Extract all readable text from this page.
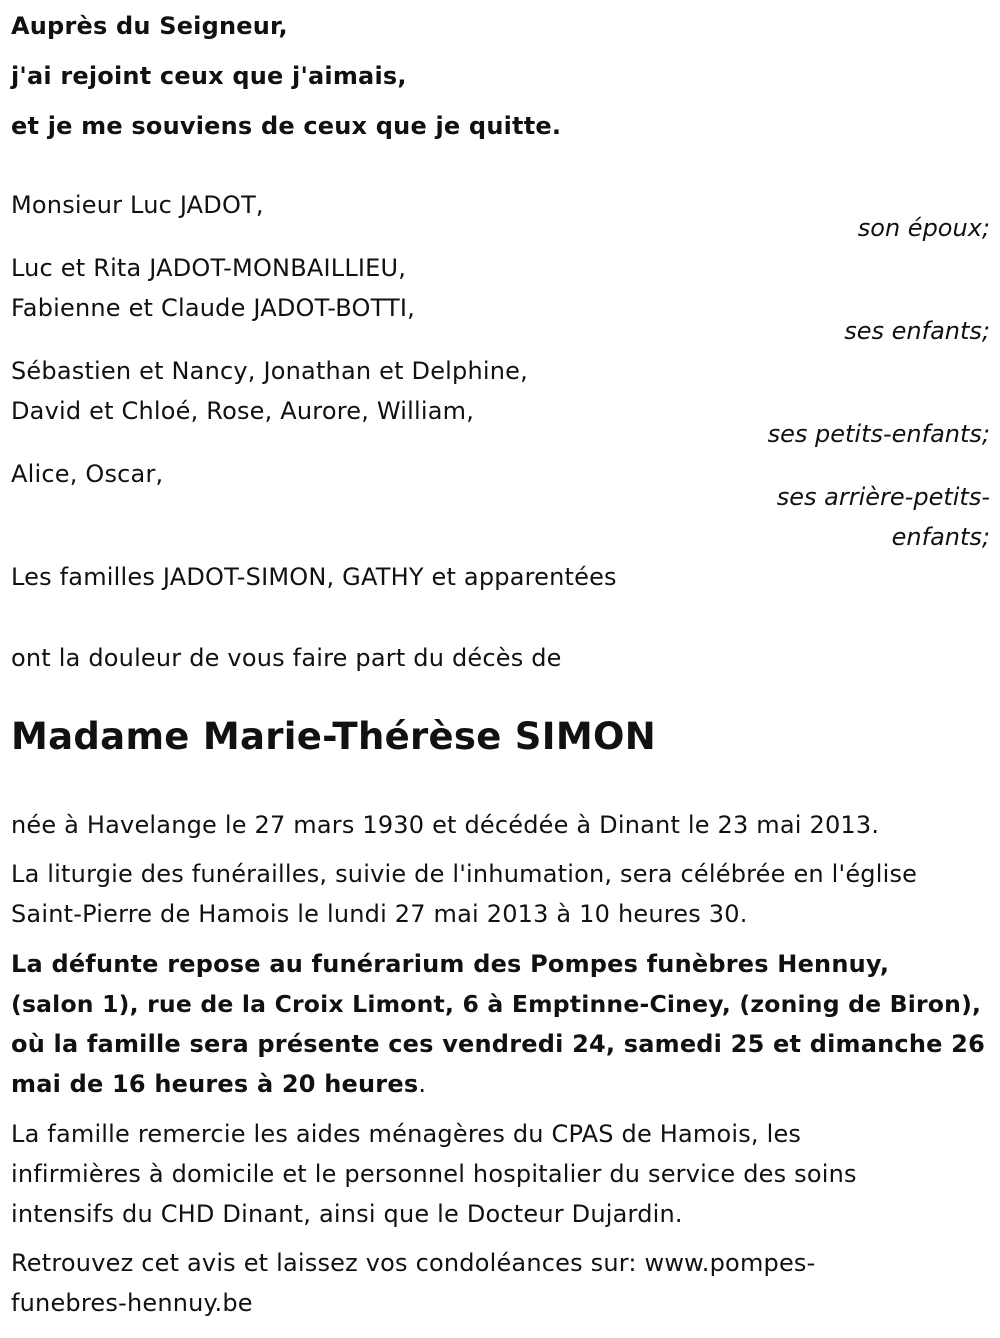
Auprès du Seigneur,
j'ai rejoint ceux que j'aimais,
et je me souviens de ceux que je quitte.
Monsieur Luc JADOT,
son époux;
Luc et Rita JADOT-MONBAILLIEU,
Fabienne et Claude JADOT-BOTTI,
ses enfants;
Sébastien et Nancy, Jonathan et Delphine,
David et Chloé, Rose, Aurore, William,
ses petits-enfants;
Alice, Oscar,
ses arrière-petits-
enfants;
Les familles JADOT-SIMON, GATHY et apparentées
ont la douleur de vous faire part du décès de
Madame Marie-Thérèse SIMON
née à Havelange le 27 mars 1930 et décédée à Dinant le 23 mai 2013.
La liturgie des funérailles, suivie de l'inhumation, sera célébrée en l'église
Saint-Pierre de Hamois le lundi 27 mai 2013 à 10 heures 30.
La défunte repose au funérarium des Pompes funèbres Hennuy,
(salon 1), rue de la Croix Limont, 6 à Emptinne-Ciney, (zoning de Biron),
où la famille sera présente ces vendredi 24, samedi 25 et dimanche 26
mai de 16 heures à 20 heures.
La famille remercie les aides ménagères du CPAS de Hamois, les
infirmières à domicile et le personnel hospitalier du service des soins
intensifs du CHD Dinant, ainsi que le Docteur Dujardin.
Retrouvez cet avis et laissez vos condoléances sur: www.pompes-
funebres-hennuy.be
